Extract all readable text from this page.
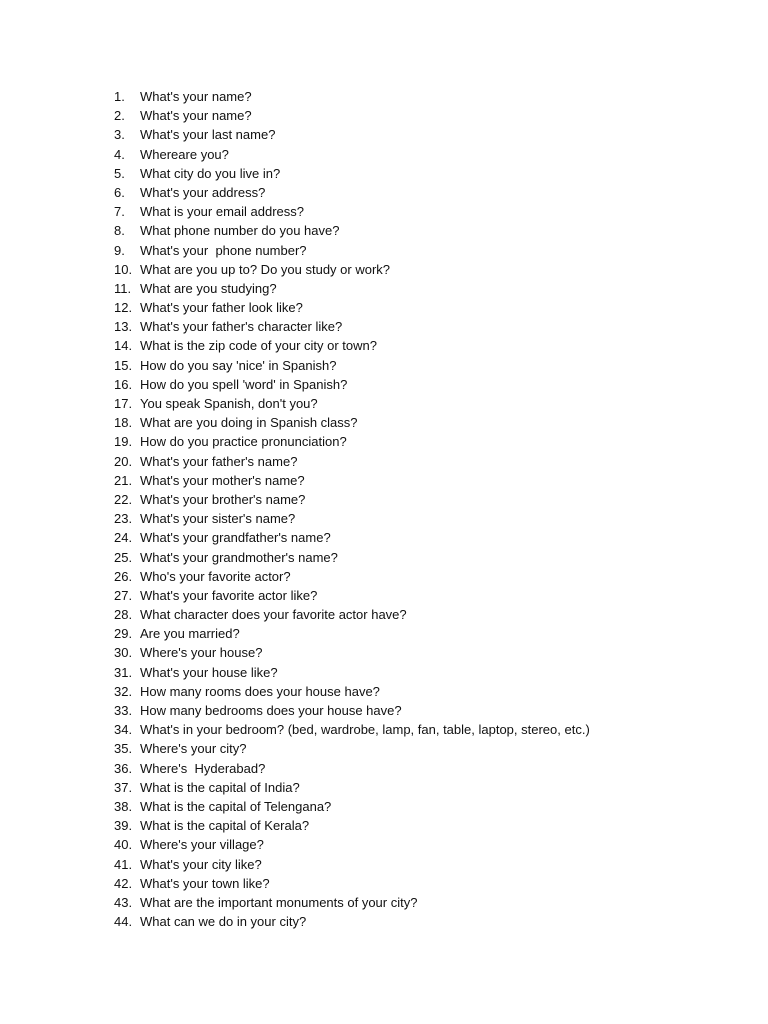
1.	What's your name?
2.	What's your name?
3.	What's your last name?
4.	Whereare you?
5.	What city do you live in?
6.	What's your address?
7.	What is your email address?
8.	What phone number do you have?
9.	What's your  phone number?
10. What are you up to? Do you study or work?
11. What are you studying?
12. What's your father look like?
13. What's your father's character like?
14. What is the zip code of your city or town?
15. How do you say 'nice' in Spanish?
16. How do you spell 'word' in Spanish?
17. You speak Spanish, don't you?
18. What are you doing in Spanish class?
19. How do you practice pronunciation?
20. What's your father's name?
21. What's your mother's name?
22. What's your brother's name?
23. What's your sister's name?
24. What's your grandfather's name?
25. What's your grandmother's name?
26. Who's your favorite actor?
27. What's your favorite actor like?
28. What character does your favorite actor have?
29. Are you married?
30. Where's your house?
31. What's your house like?
32. How many rooms does your house have?
33. How many bedrooms does your house have?
34. What's in your bedroom? (bed, wardrobe, lamp, fan, table, laptop, stereo, etc.)
35. Where's your city?
36. Where's  Hyderabad?
37. What is the capital of India?
38. What is the capital of Telengana?
39. What is the capital of Kerala?
40. Where's your village?
41. What's your city like?
42. What's your town like?
43. What are the important monuments of your city?
44. What can we do in your city?
